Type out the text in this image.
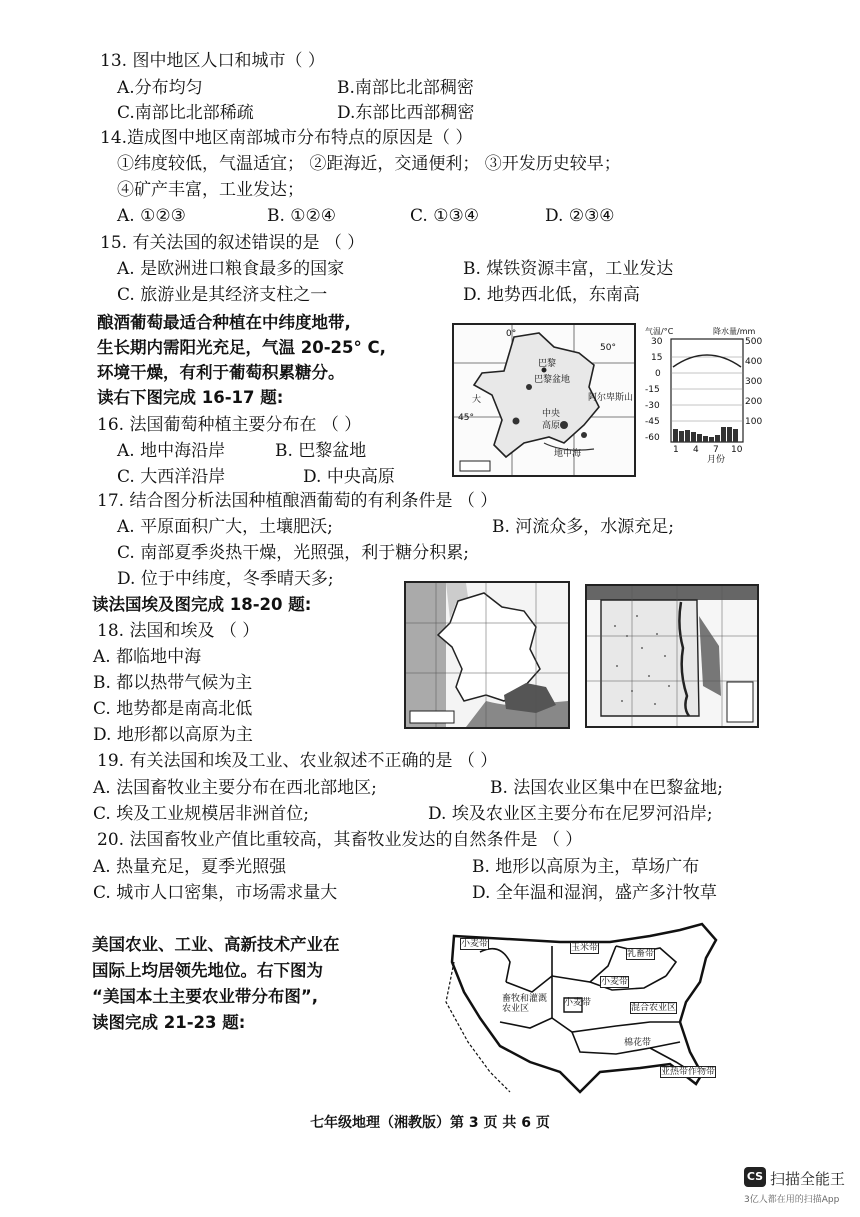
13. 图中地区人口和城市（ ）
A.分布均匀	B.南部比北部稠密
C.南部比北部稀疏	D.东部比西部稠密
14.造成图中地区南部城市分布特点的原因是（ ）
①纬度较低，气温适宜； ②距海近，交通便利； ③开发历史较早；
④矿产丰富，工业发达；
A. ①②③	B. ①②④	C. ①③④	D. ②③④
15. 有关法国的叙述错误的是 （ ）
A. 是欧洲进口粮食最多的国家	B. 煤铁资源丰富，工业发达
C. 旅游业是其经济支柱之一	D. 地势西北低，东南高
酿酒葡萄最适合种植在中纬度地带,
生长期内需阳光充足，气温 20-25° C,
环境干燥，有利于葡萄积累糖分。
读右下图完成 16-17 题:
0°
50°
巴黎
巴黎盆地
大
45°	中央
高原
地中海
阿尔卑斯山
气温/°C	降水量/mm
30
15
0
-15
-30
-45
-60
500
400
300
200
100
1 4 7 10
月份
16. 法国葡萄种植主要分布在 （ ）
A. 地中海沿岸	B. 巴黎盆地
C. 大西洋沿岸	D. 中央高原
17. 结合图分析法国种植酿酒葡萄的有利条件是 （ ）
A. 平原面积广大，土壤肥沃;	B. 河流众多，水源充足;
C. 南部夏季炎热干燥，光照强，利于糖分积累;
D. 位于中纬度，冬季晴天多;
读法国埃及图完成 18-20 题:
18. 法国和埃及 （ ）
A. 都临地中海
B. 都以热带气候为主
C. 地势都是南高北低
D. 地形都以高原为主
19. 有关法国和埃及工业、农业叙述不正确的是 （ ）
A. 法国畜牧业主要分布在西北部地区;	B. 法国农业区集中在巴黎盆地;
C. 埃及工业规模居非洲首位;	D. 埃及农业区主要分布在尼罗河沿岸;
20. 法国畜牧业产值比重较高，其畜牧业发达的自然条件是 （ ）
A. 热量充足，夏季光照强	B. 地形以高原为主，草场广布
C. 城市人口密集，市场需求量大	D. 全年温和湿润，盛产多汁牧草
美国农业、工业、高新技术产业在
国际上均居领先地位。右下图为
“美国本土主要农业带分布图”,
读图完成 21-23 题:
小麦带	玉米带
乳畜带
畜牧和灌溉农业区	混合农业区
小麦带
棉花带
亚热带作物带
小麦带
七年级地理（湘教版）第 3 页 共 6 页
CS 扫描全能王
3亿人都在用的扫描App
